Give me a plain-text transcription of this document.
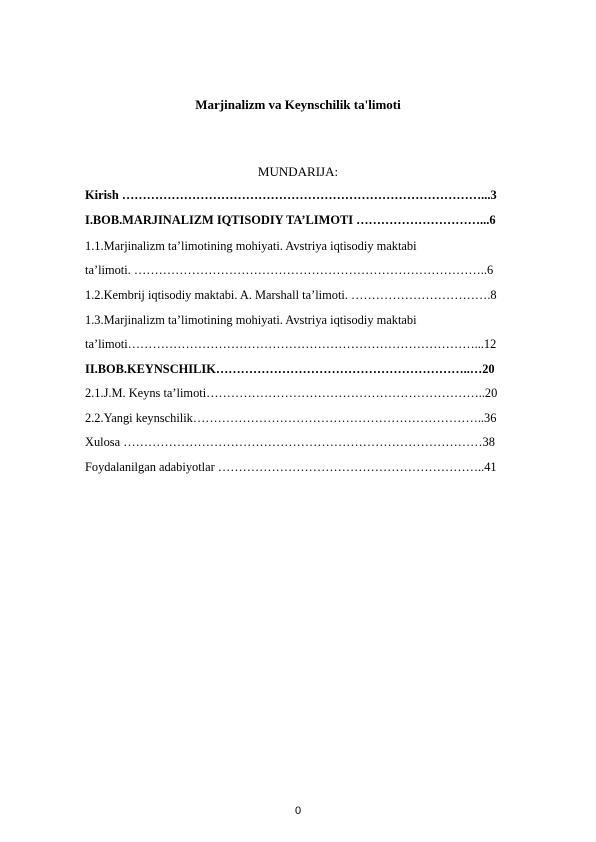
Marjinalizm va Keynschilik ta'limoti
MUNDARIJA:
Kirish ……………………………………………………………………………...3
I.BOB.MARJINALIZM IQTISODIY TA’LIMOTI …………………………...6
1.1.Marjinalizm ta’limotining mohiyati. Avstriya iqtisodiy maktabi
ta’limoti. …………………………………………………………………………..6
1.2.Kembrij iqtisodiy maktabi. A. Marshall ta’limoti. …………………………….8
1.3.Marjinalizm ta’limotining mohiyati. Avstriya iqtisodiy maktabi
ta’limoti…………………………………………………………………………...12
II.BOB.KEYNSCHILIK……………………………………………………..…20
2.1.J.M. Keyns ta’limoti…………………………………………………………..20
2.2.Yangi keynschilik……………………………………………………………..36
Xulosa ……………………………………………………………………………38
Foydalanilgan adabiyotlar ………………………………………………………..41
0
